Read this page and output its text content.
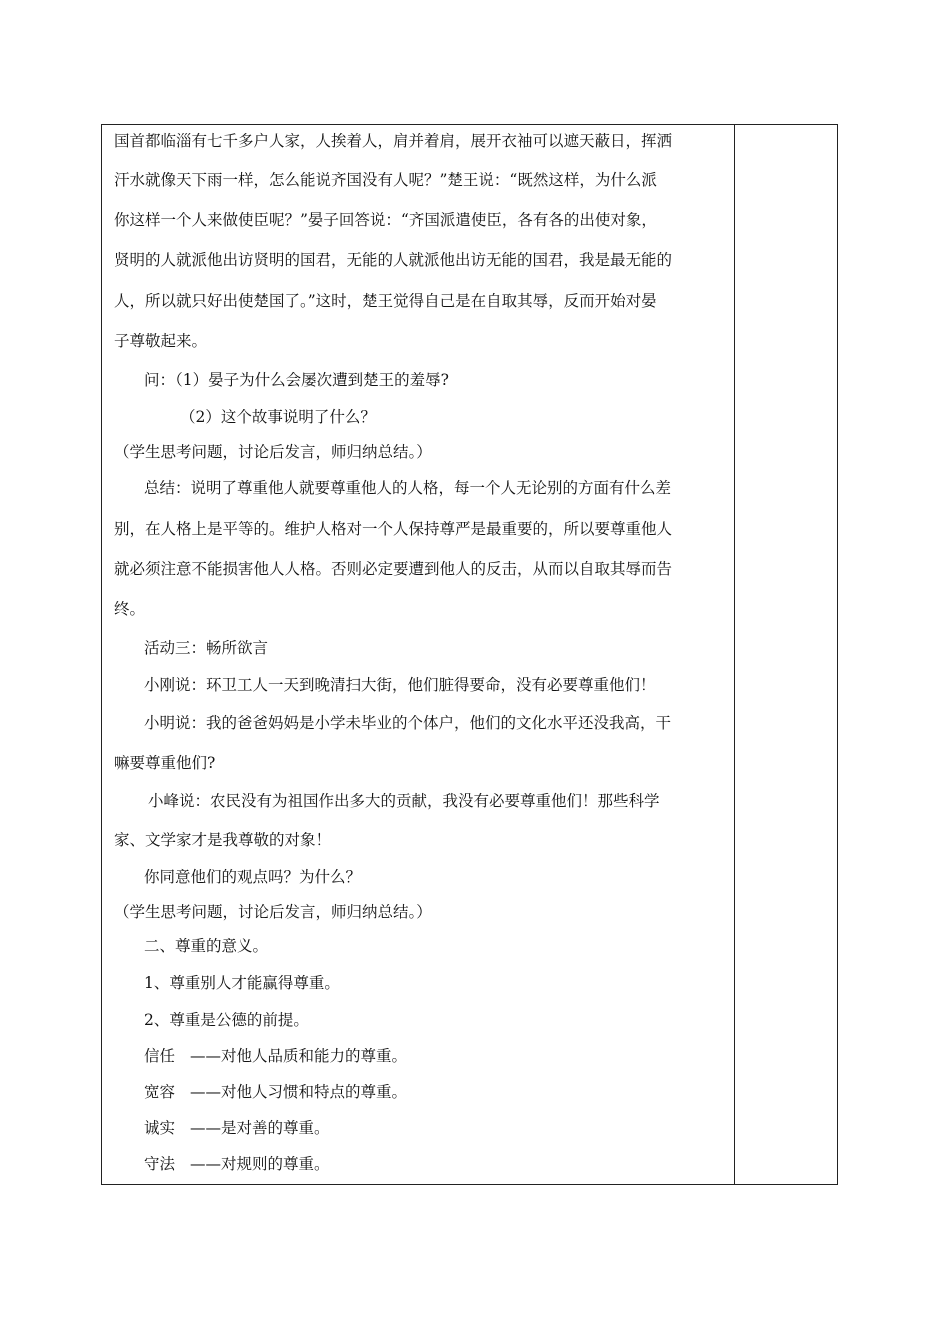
国首都临淄有七千多户人家，人挨着人，肩并着肩，展开衣袖可以遮天蔽日，挥洒
汗水就像天下雨一样，怎么能说齐国没有人呢？”楚王说：“既然这样，为什么派
你这样一个人来做使臣呢？”晏子回答说：“齐国派遣使臣，各有各的出使对象，
贤明的人就派他出访贤明的国君，无能的人就派他出访无能的国君，我是最无能的
人，所以就只好出使楚国了。”这时，楚王觉得自己是在自取其辱，反而开始对晏
子尊敬起来。
问：（1）晏子为什么会屡次遭到楚王的羞辱?
（2）这个故事说明了什么？
（学生思考问题，讨论后发言，师归纳总结。）
总结：说明了尊重他人就要尊重他人的人格，每一个人无论别的方面有什么差
别，在人格上是平等的。维护人格对一个人保持尊严是最重要的，所以要尊重他人
就必须注意不能损害他人人格。否则必定要遭到他人的反击，从而以自取其辱而告
终。
活动三：畅所欲言
小刚说：环卫工人一天到晚清扫大街，他们脏得要命，没有必要尊重他们！
小明说：我的爸爸妈妈是小学未毕业的个体户，他们的文化水平还没我高，干
嘛要尊重他们?
小峰说：农民没有为祖国作出多大的贡献，我没有必要尊重他们！那些科学
家、文学家才是我尊敬的对象！
你同意他们的观点吗？为什么？
（学生思考问题，讨论后发言，师归纳总结。）
二、尊重的意义。
1、尊重别人才能赢得尊重。
2、尊重是公德的前提。
信任 ——对他人品质和能力的尊重。
宽容 ——对他人习惯和特点的尊重。
诚实 ——是对善的尊重。
守法 ——对规则的尊重。
